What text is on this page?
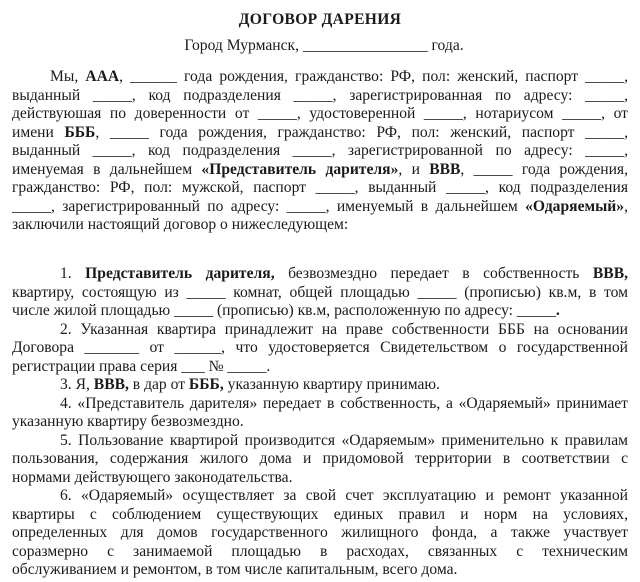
ДОГОВОР ДАРЕНИЯ
Город Мурманск, ________________ года.
Мы, ААА, ______ года рождения, гражданство: РФ, пол: женский, паспорт _____,
выданный _____, код подразделения _____, зарегистрированная по адресу: _____,
действуюшая по доверенности от _____, удостоверенной _____, нотариусом _____, от
имени БББ, _____ года рождения, гражданство: РФ, пол: женский, паспорт _____,
выданный _____, код подразделения _____, зарегистрированной по адресу: _____,
именуемая в дальнейшем «Представитель дарителя», и ВВВ, _____ года рождения,
гражданство: РФ, пол: мужской, паспорт _____, выданный _____, код подразделения
_____, зарегистрированный по адресу: _____, именуемый в дальнейшем «Одаряемый»,
заключили настоящий договор о нижеследующем:
1. Представитель дарителя, безвозмездно передает в собственность ВВВ,
квартиру, состоящую из _____ комнат, общей площадью _____ (прописью) кв.м, в том
числе жилой площадью _____ (прописью) кв.м, расположенную по адресу: _____.
2. Указанная квартира принадлежит на праве собственности БББ на основании
Договора _______ от ______, что удостоверяется Свидетельством о государственной
регистрации права серия ___ № _____.
3. Я, ВВВ, в дар от БББ, указанную квартиру принимаю.
4. «Представитель дарителя» передает в собственность, а «Одаряемый» принимает
указанную квартиру безвозмездно.
5. Пользование квартирой производится «Одаряемым» применительно к правилам
пользования, содержания жилого дома и придомовой территории в соответствии с
нормами действующего законодательства.
6. «Одаряемый» осуществляет за свой счет эксплуатацию и ремонт указанной
квартиры с соблюдением существующих единых правил и норм на условиях,
определенных для домов государственного жилищного фонда, а также участвует
соразмерно с занимаемой площадью в расходах, связанных с техническим
обслуживанием и ремонтом, в том числе капитальным, всего дома.
